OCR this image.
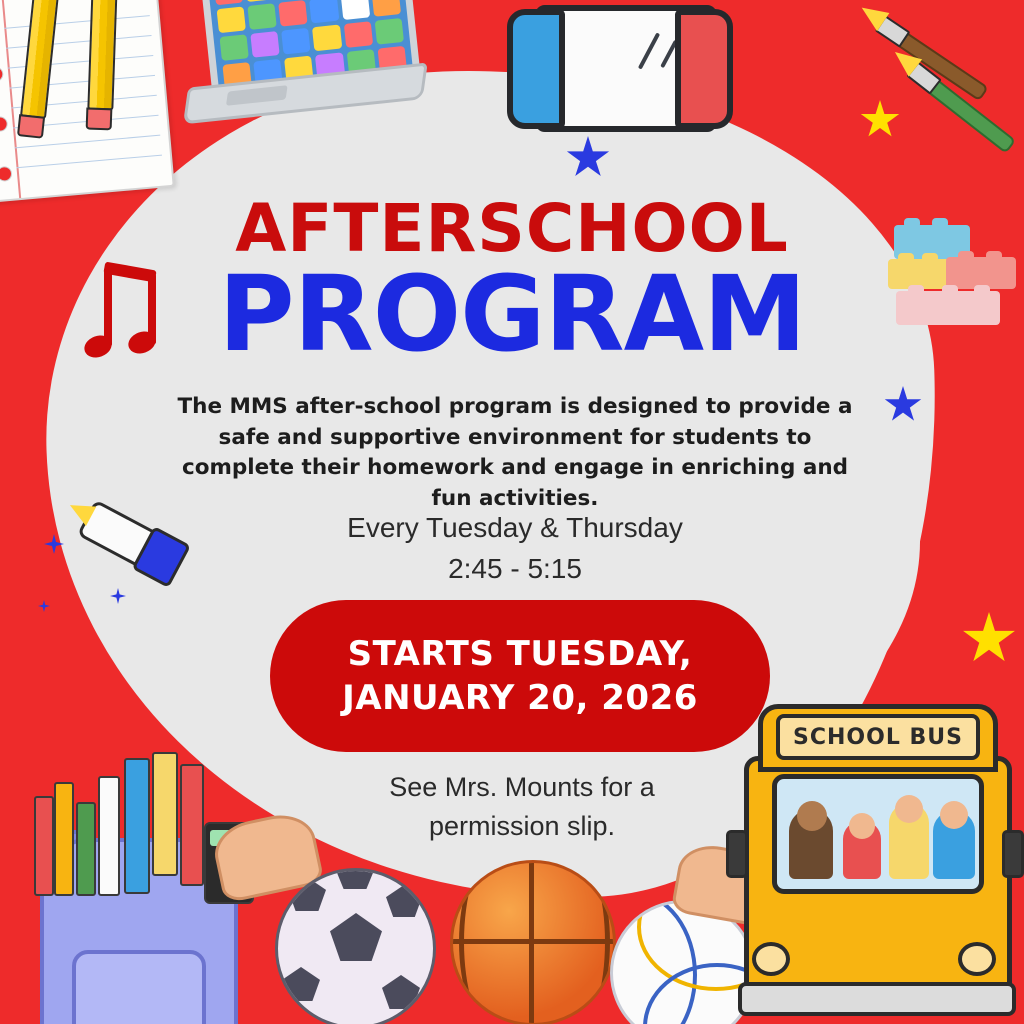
SCHOOL BUS
AFTERSCHOOL
PROGRAM
The MMS after-school program is designed to provide a safe and supportive environment for students to complete their homework and engage in enriching and fun activities.
Every Tuesday & Thursday
2:45 - 5:15
STARTS TUESDAY,
JANUARY 20, 2026
See Mrs. Mounts for a
permission slip.
